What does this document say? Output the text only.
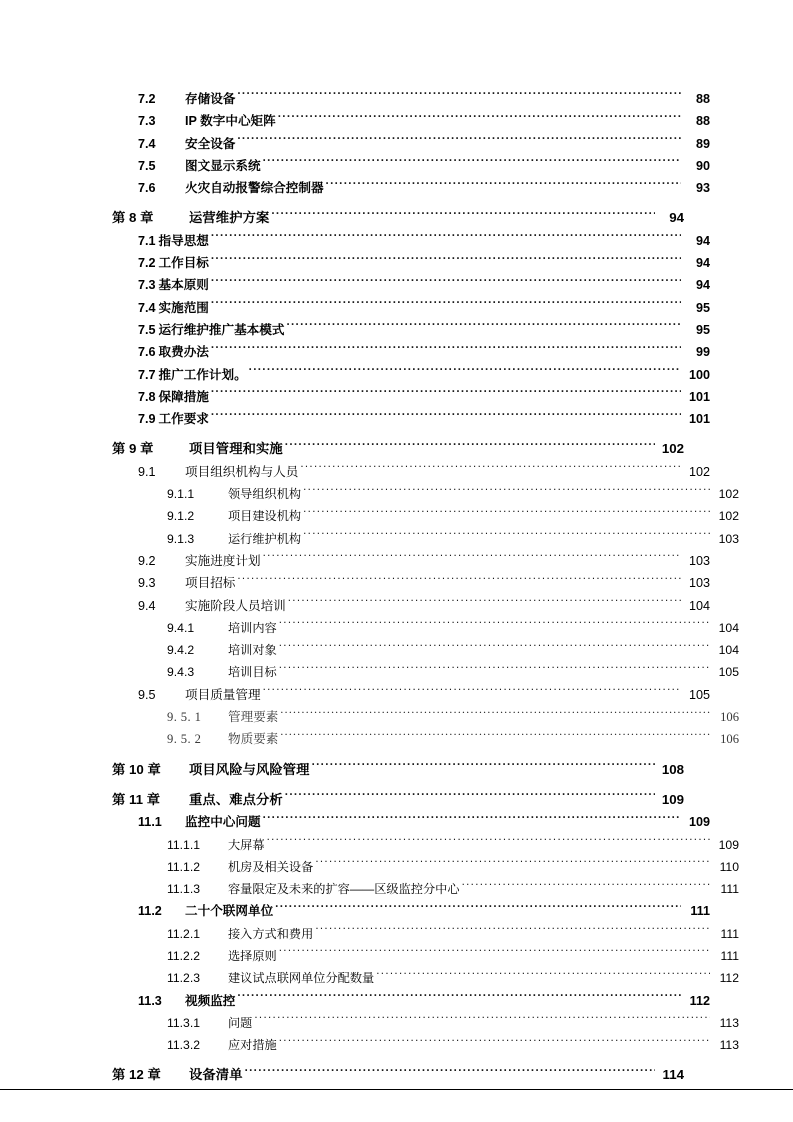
7.2	存储设备 .....	88
7.3	IP 数字中心矩阵 .....	88
7.4	安全设备 .....	89
7.5	图文显示系统 .....	90
7.6	火灾自动报警综合控制器 .....	93
第 8 章	运营维护方案 .....	94
7.1 指导思想 .....	94
7.2 工作目标 .....	94
7.3 基本原则 .....	94
7.4 实施范围 .....	95
7.5 运行维护推广基本模式 .....	95
7.6 取费办法 .....	99
7.7 推广工作计划。 .....	100
7.8 保障措施 .....	101
7.9 工作要求 .....	101
第 9 章	项目管理和实施 .....	102
9.1	项目组织机构与人员 .....	102
9.1.1	领导组织机构 .....	102
9.1.2	项目建设机构 .....	102
9.1.3	运行维护机构 .....	103
9.2	实施进度计划 .....	103
9.3	项目招标 .....	103
9.4	实施阶段人员培训 .....	104
9.4.1	培训内容 .....	104
9.4.2	培训对象 .....	104
9.4.3	培训目标 .....	105
9.5	项目质量管理 .....	105
9. 5. 1	管理要素 .....	106
9. 5. 2	物质要素 .....	106
第 10 章	项目风险与风险管理 .....	108
第 11 章	重点、难点分析 .....	109
11.1	监控中心问题 .....	109
11.1.1	大屏幕 .....	109
11.1.2	机房及相关设备 .....	110
11.1.3	容量限定及未来的扩容——区级监控分中心 .....	111
11.2	二十个联网单位 .....	111
11.2.1	接入方式和费用 .....	111
11.2.2	选择原则 .....	111
11.2.3	建议试点联网单位分配数量 .....	112
11.3	视频监控 .....	112
11.3.1	问题 .....	113
11.3.2	应对措施 .....	113
第 12 章	设备清单 .....	114
